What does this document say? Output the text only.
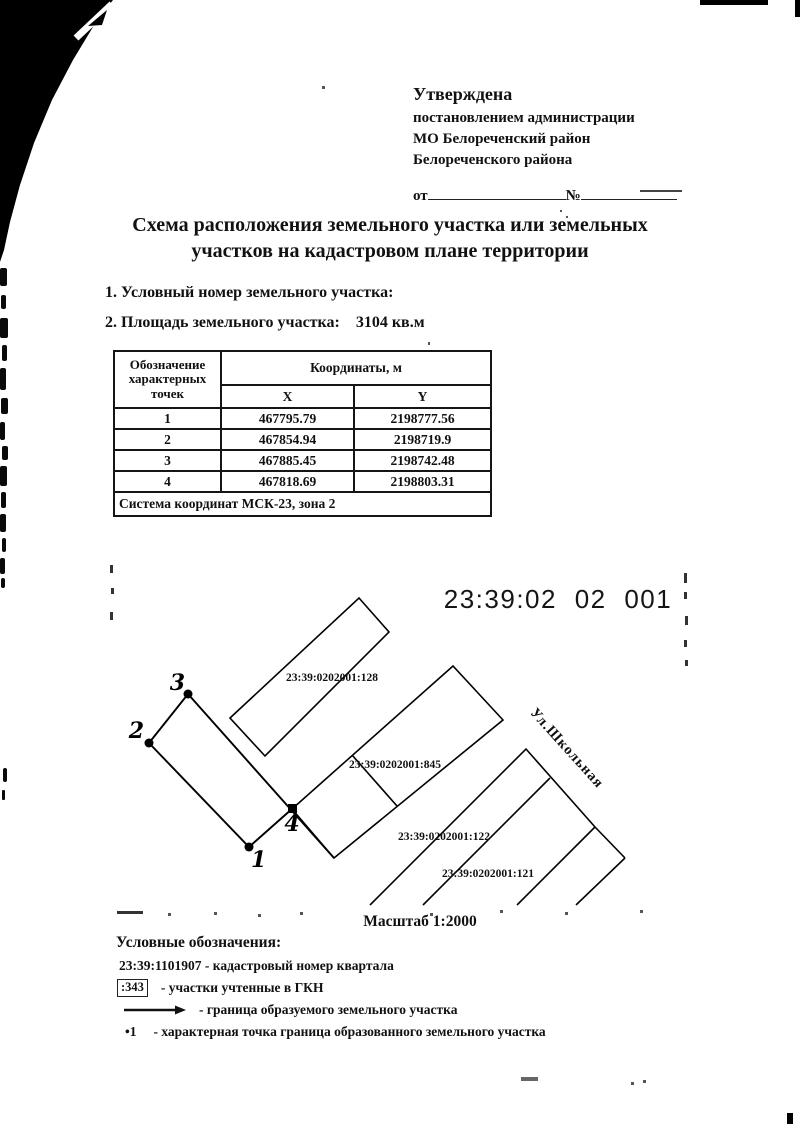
Утверждена
постановлением администрации
МО Белореченский район
Белореченского района
от	№
Схема расположения земельного участка или земельных
участков на кадастровом плане территории
1. Условный номер земельного участка:
2. Площадь земельного участка: 3104 кв.м
Обозначение характерных точек	Координаты, м	
	X	Y
1	467795.79	2198777.56
2	467854.94	2198719.9
3	467885.45	2198742.48
4	467818.69	2198803.31
Система координат МСК-23, зона 2		
23:39:02 02 001
3
2
1
4
23:39:0202001:128
23:39:0202001:845
23:39:0202001:122
23:39:0202001:121
Ул.Школьная
Масштаб 1:2000
Условные обозначения:
23:39:1101907 - кадастровый номер квартала
:343 - участки учтенные в ГКН
- граница образуемого земельного участка
•1 - характерная точка граница образованного земельного участка
